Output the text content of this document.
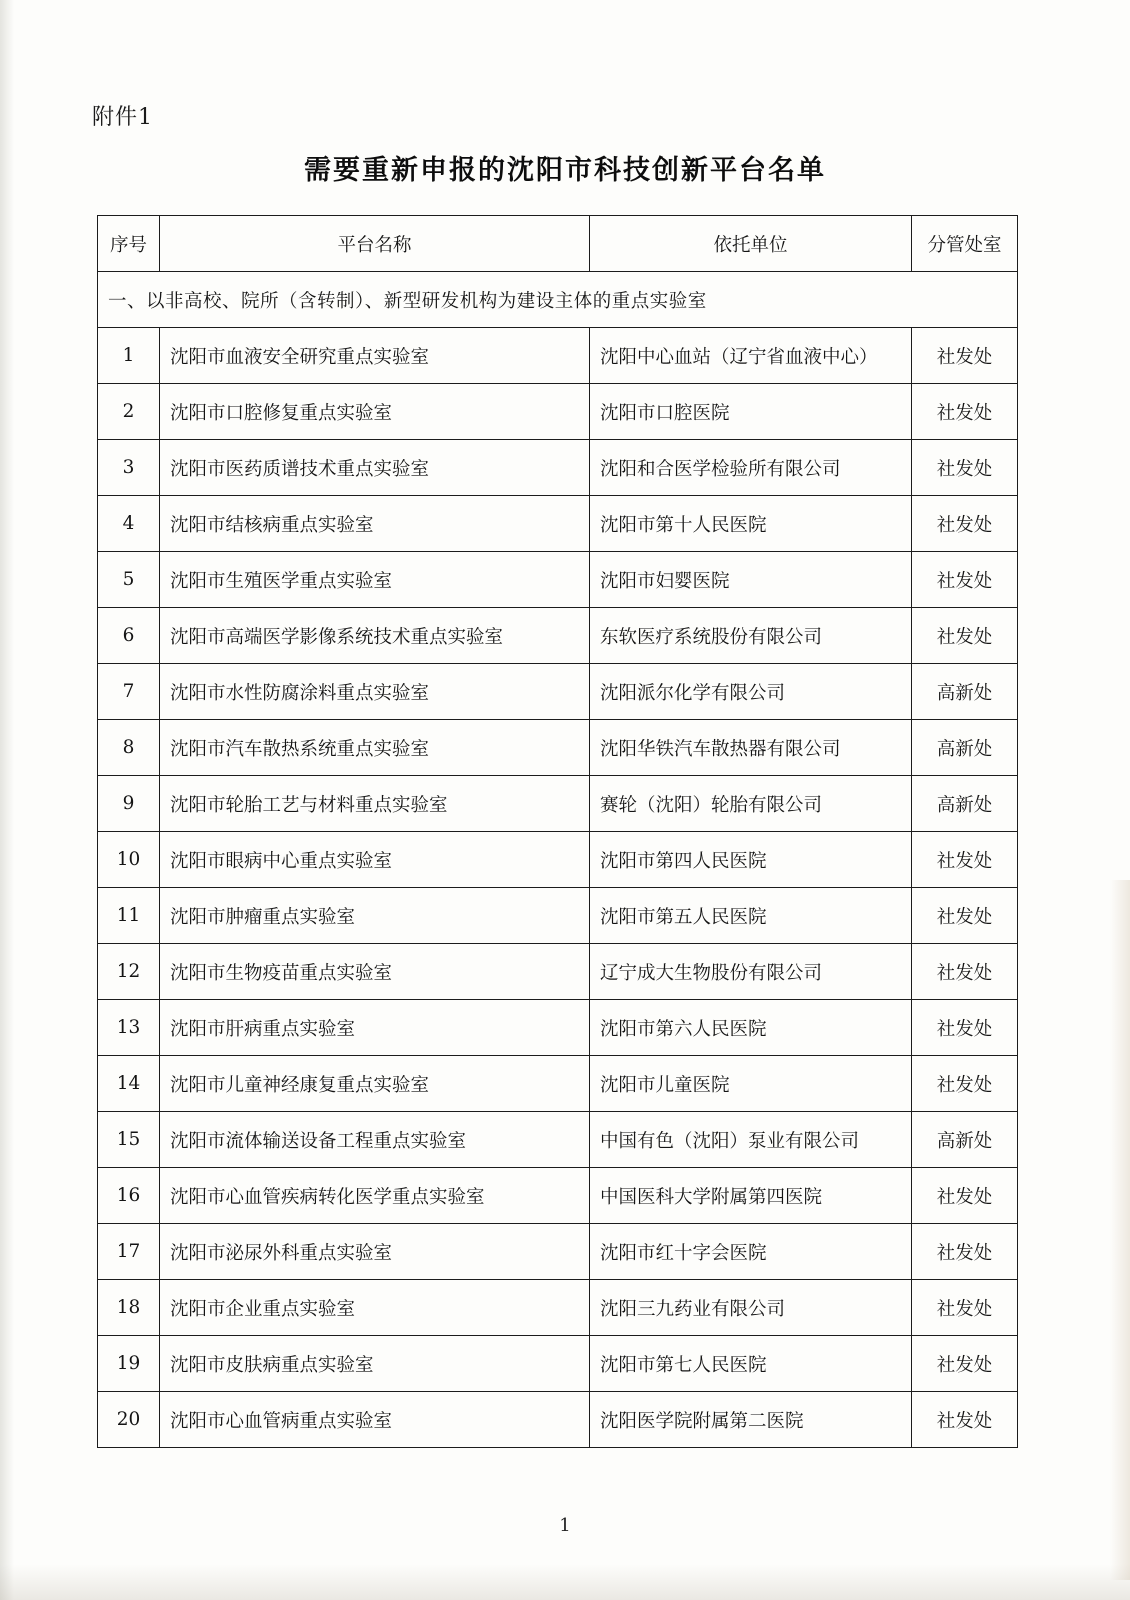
附件1
需要重新申报的沈阳市科技创新平台名单
序号	平台名称	依托单位	分管处室
一、以非高校、院所（含转制）、新型研发机构为建设主体的重点实验室			
1	沈阳市血液安全研究重点实验室	沈阳中心血站（辽宁省血液中心）	社发处
2	沈阳市口腔修复重点实验室	沈阳市口腔医院	社发处
3	沈阳市医药质谱技术重点实验室	沈阳和合医学检验所有限公司	社发处
4	沈阳市结核病重点实验室	沈阳市第十人民医院	社发处
5	沈阳市生殖医学重点实验室	沈阳市妇婴医院	社发处
6	沈阳市高端医学影像系统技术重点实验室	东软医疗系统股份有限公司	社发处
7	沈阳市水性防腐涂料重点实验室	沈阳派尔化学有限公司	高新处
8	沈阳市汽车散热系统重点实验室	沈阳华铁汽车散热器有限公司	高新处
9	沈阳市轮胎工艺与材料重点实验室	赛轮（沈阳）轮胎有限公司	高新处
10	沈阳市眼病中心重点实验室	沈阳市第四人民医院	社发处
11	沈阳市肿瘤重点实验室	沈阳市第五人民医院	社发处
12	沈阳市生物疫苗重点实验室	辽宁成大生物股份有限公司	社发处
13	沈阳市肝病重点实验室	沈阳市第六人民医院	社发处
14	沈阳市儿童神经康复重点实验室	沈阳市儿童医院	社发处
15	沈阳市流体输送设备工程重点实验室	中国有色（沈阳）泵业有限公司	高新处
16	沈阳市心血管疾病转化医学重点实验室	中国医科大学附属第四医院	社发处
17	沈阳市泌尿外科重点实验室	沈阳市红十字会医院	社发处
18	沈阳市企业重点实验室	沈阳三九药业有限公司	社发处
19	沈阳市皮肤病重点实验室	沈阳市第七人民医院	社发处
20	沈阳市心血管病重点实验室	沈阳医学院附属第二医院	社发处
1
